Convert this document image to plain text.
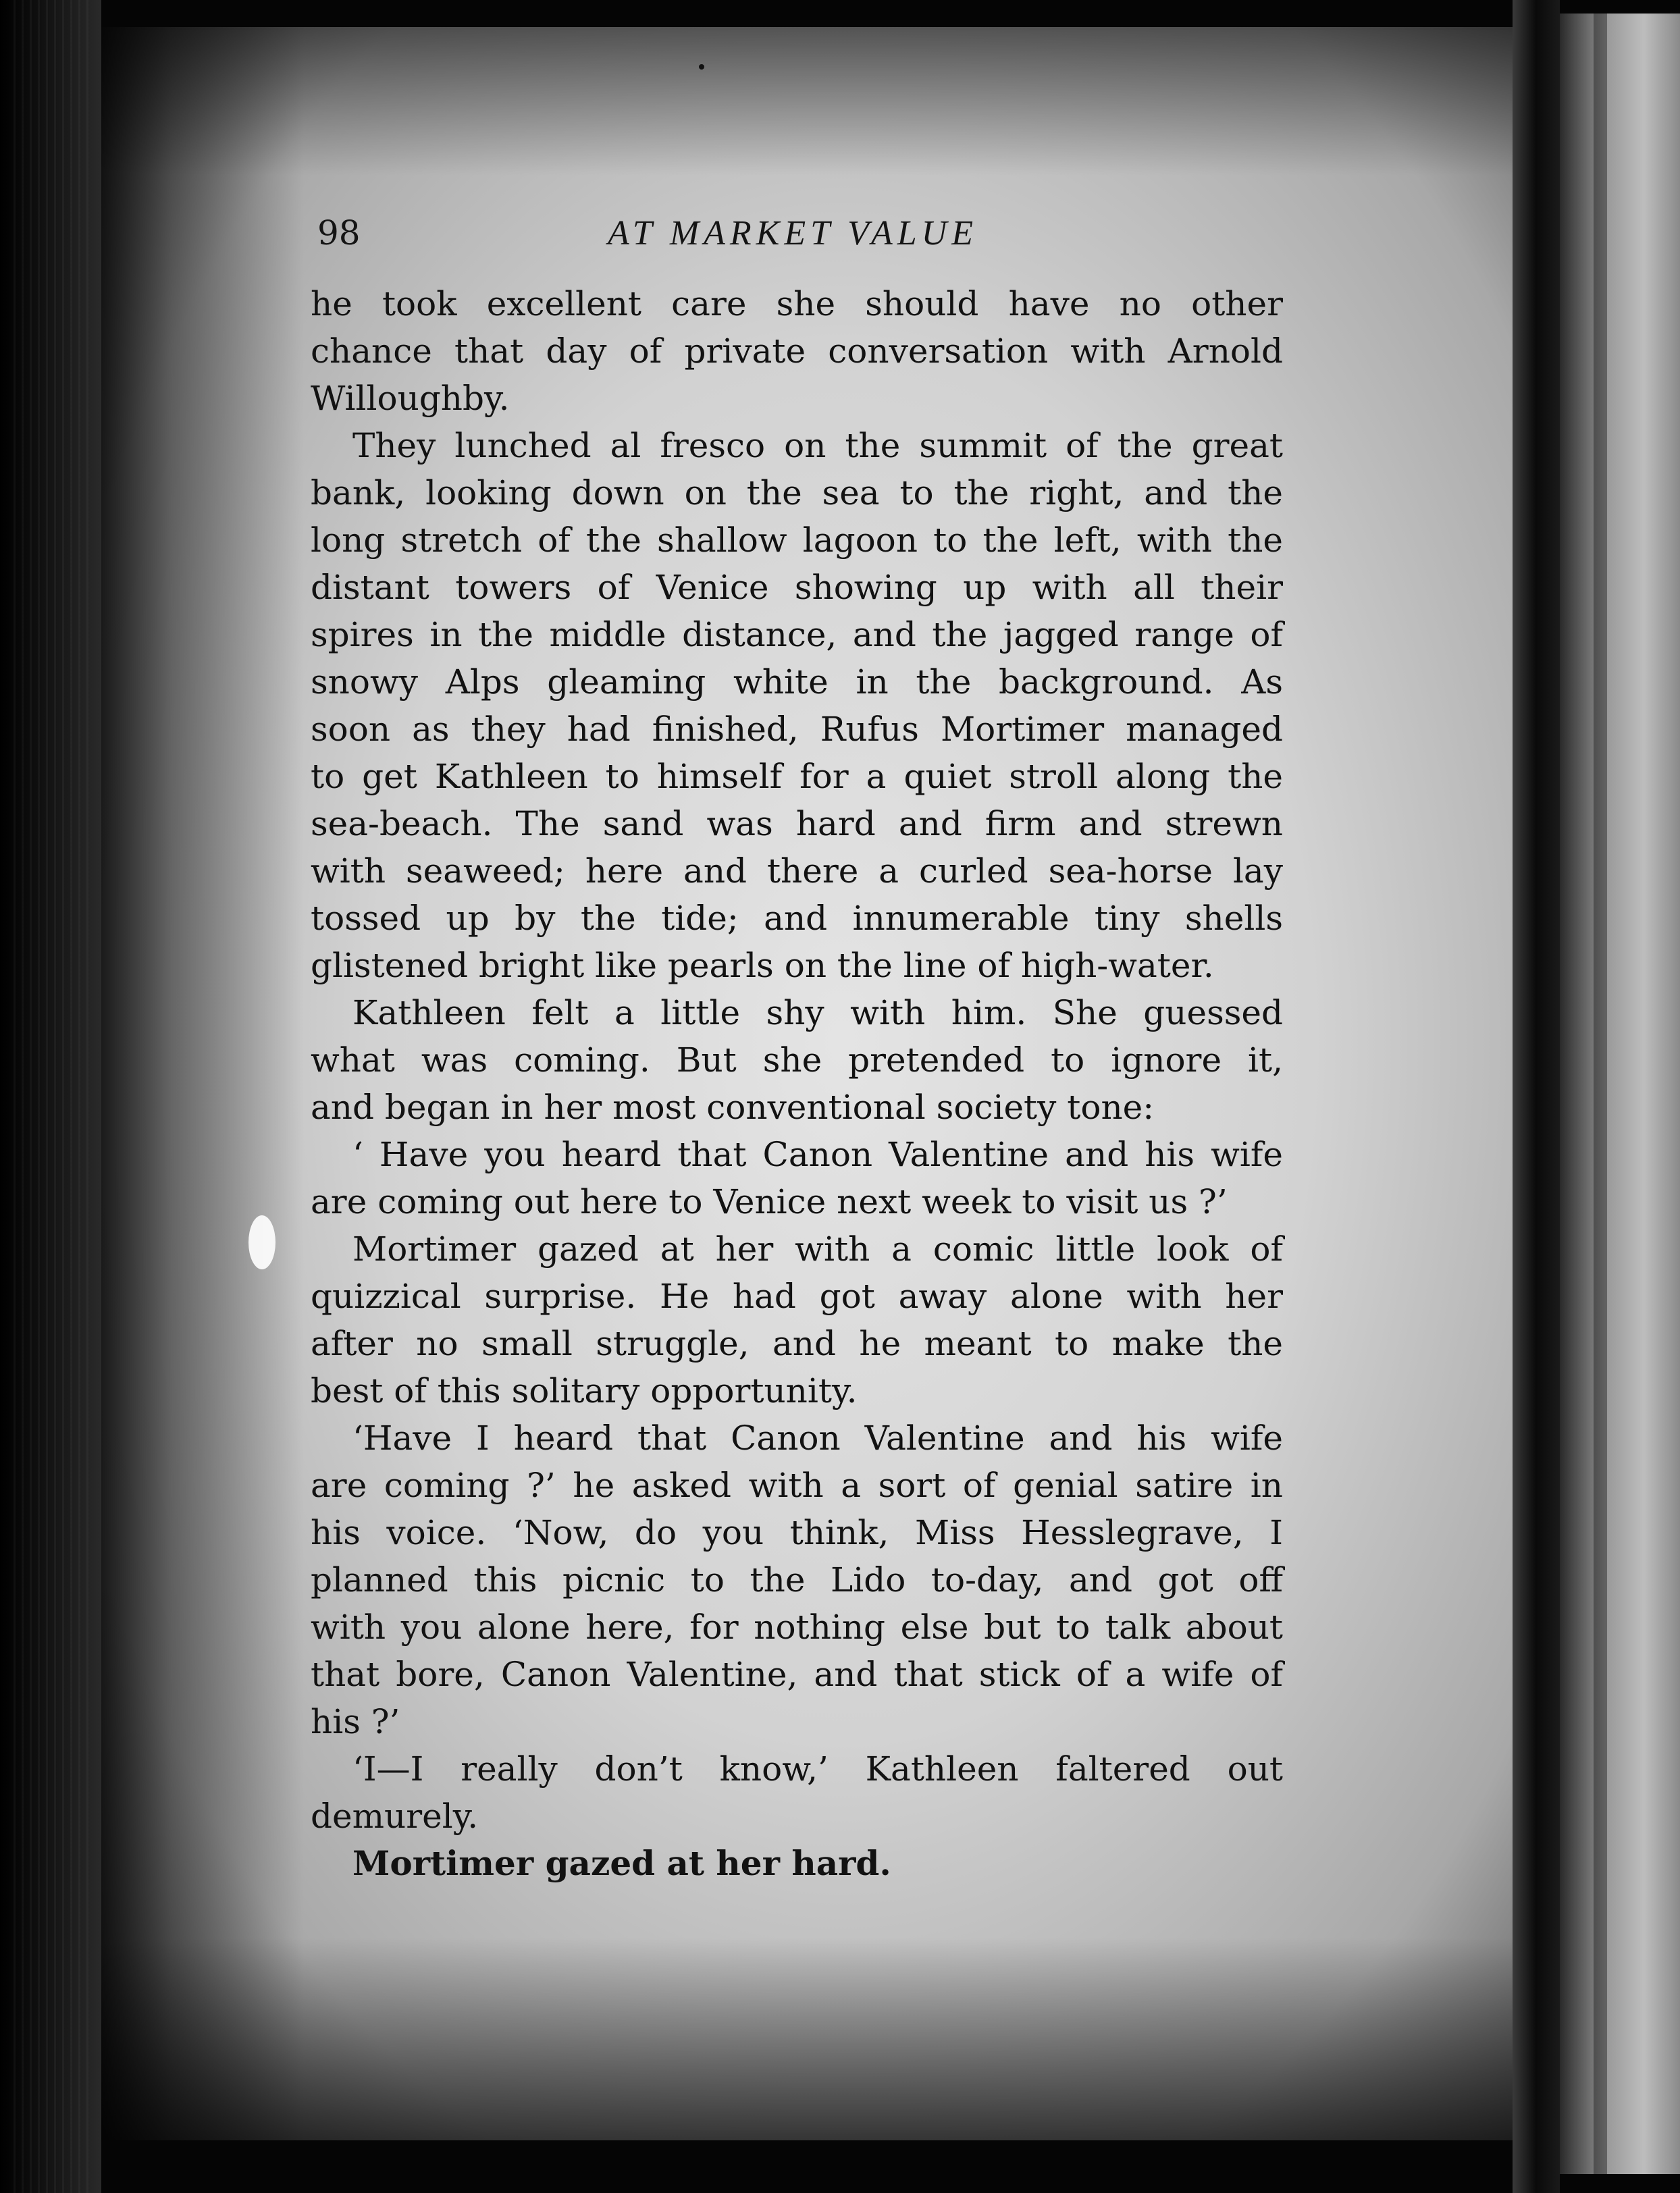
98	AT MARKET VALUE
he took excellent care she should have no other
chance that day of private conversation with Arnold
Willoughby.
They lunched al fresco on the summit of the great
bank, looking down on the sea to the right, and the
long stretch of the shallow lagoon to the left, with the
distant towers of Venice showing up with all their
spires in the middle distance, and the jagged range of
snowy Alps gleaming white in the background. As
soon as they had finished, Rufus Mortimer managed
to get Kathleen to himself for a quiet stroll along the
sea-beach. The sand was hard and firm and strewn
with seaweed; here and there a curled sea-horse lay
tossed up by the tide; and innumerable tiny shells
glistened bright like pearls on the line of high-water.
Kathleen felt a little shy with him. She guessed
what was coming. But she pretended to ignore it,
and began in her most conventional society tone:
‘ Have you heard that Canon Valentine and his wife
are coming out here to Venice next week to visit us ?’
Mortimer gazed at her with a comic little look of
quizzical surprise. He had got away alone with her
after no small struggle, and he meant to make the
best of this solitary opportunity.
‘Have I heard that Canon Valentine and his wife
are coming ?’ he asked with a sort of genial satire in
his voice. ‘Now, do you think, Miss Hesslegrave, I
planned this picnic to the Lido to-day, and got off
with you alone here, for nothing else but to talk about
that bore, Canon Valentine, and that stick of a wife of
his ?’
‘I—I really don’t know,’ Kathleen faltered out
demurely.
Mortimer gazed at her hard.
